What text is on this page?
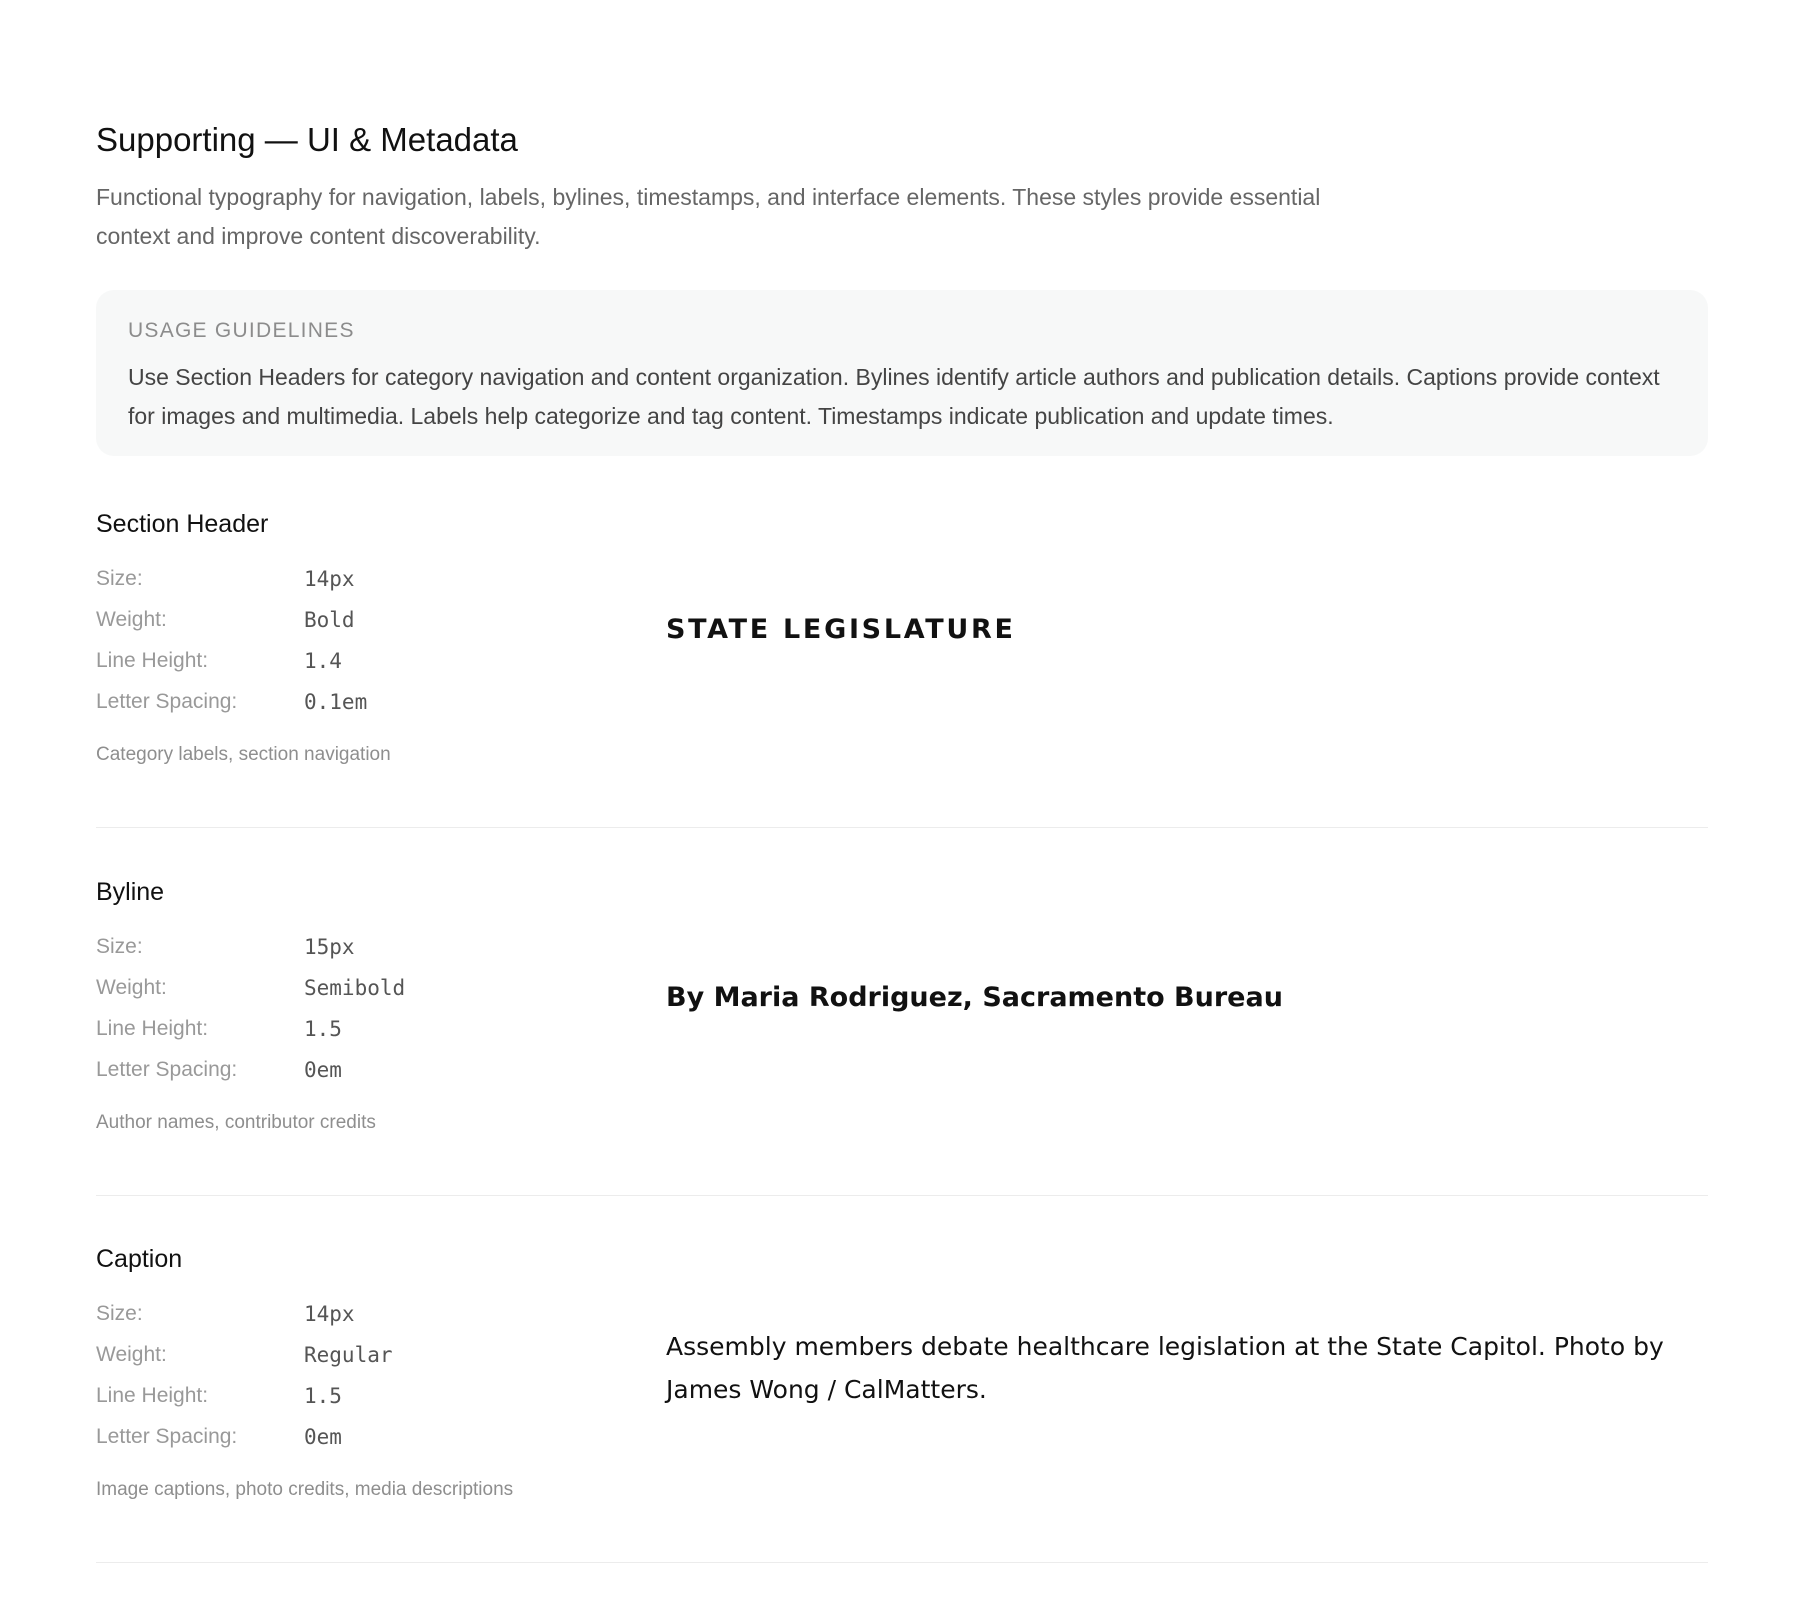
Supporting — UI & Metadata

Functional typography for navigation, labels, bylines, timestamps, and interface elements. These styles provide essential context and improve content discoverability.

USAGE GUIDELINES

Use Section Headers for category navigation and content organization. Bylines identify article authors and publication details. Captions provide context for images and multimedia. Labels help categorize and tag content. Timestamps indicate publication and update times.

Section Header
Size:	14px
Weight:	Bold
Line Height:	1.4
Letter Spacing:	0.1em
Category labels, section navigation
STATE LEGISLATURE
Byline
Size:	15px
Weight:	Semibold
Line Height:	1.5
Letter Spacing:	0em
Author names, contributor credits
By Maria Rodriguez, Sacramento Bureau
Caption
Size:	14px
Weight:	Regular
Line Height:	1.5
Letter Spacing:	0em
Image captions, photo credits, media descriptions
Assembly members debate healthcare legislation at the State Capitol. Photo by James Wong / CalMatters.
